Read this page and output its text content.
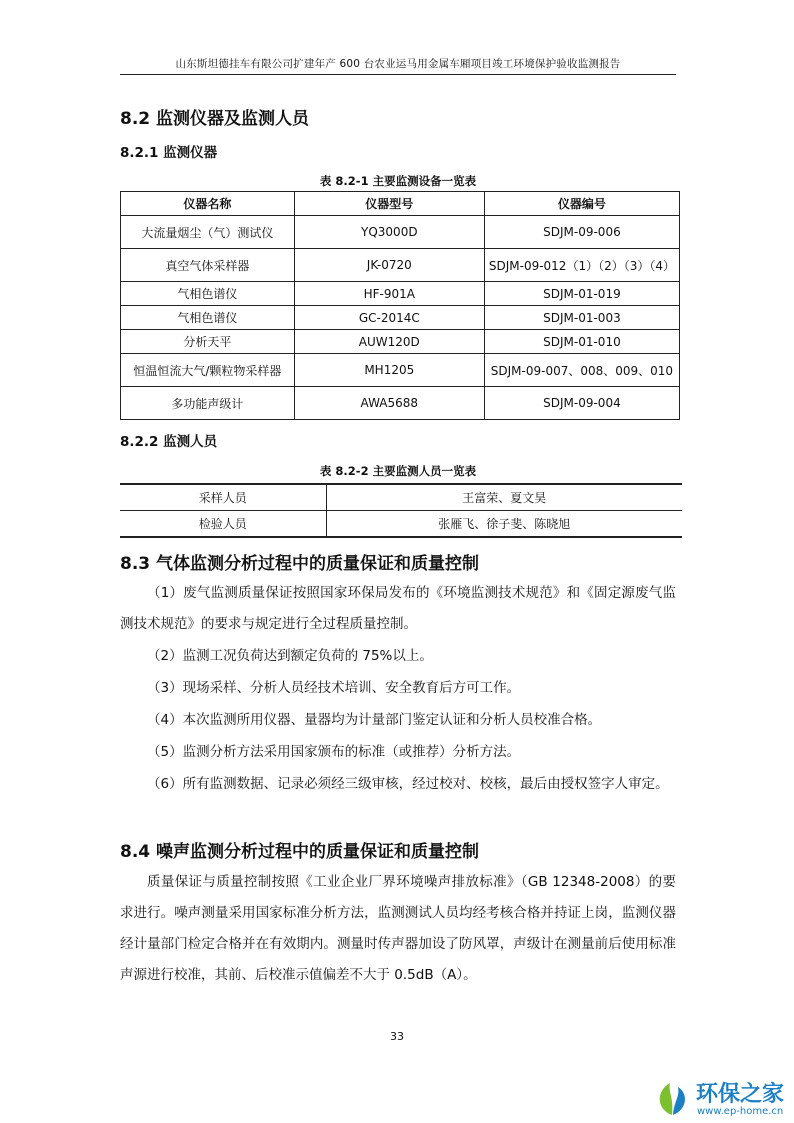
山东斯坦德挂车有限公司扩建年产 600 台农业运马用金属车厢项目竣工环境保护验收监测报告
8.2 监测仪器及监测人员
8.2.1 监测仪器
表 8.2-1 主要监测设备一览表
仪器名称	仪器型号	仪器编号
大流量烟尘（气）测试仪	YQ3000D	SDJM-09-006
真空气体采样器	JK-0720	SDJM-09-012（1）（2）（3）（4）
气相色谱仪	HF-901A	SDJM-01-019
气相色谱仪	GC-2014C	SDJM-01-003
分析天平	AUW120D	SDJM-01-010
恒温恒流大气/颗粒物采样器	MH1205	SDJM-09-007、008、009、010
多功能声级计	AWA5688	SDJM-09-004
8.2.2 监测人员
表 8.2-2 主要监测人员一览表
采样人员	王富荣、夏文昊
检验人员	张雁飞、徐子斐、陈晓旭
8.3 气体监测分析过程中的质量保证和质量控制
（1）废气监测质量保证按照国家环保局发布的《环境监测技术规范》和《固定源废气监测技术规范》的要求与规定进行全过程质量控制。
（2）监测工况负荷达到额定负荷的 75%以上。
（3）现场采样、分析人员经技术培训、安全教育后方可工作。
（4）本次监测所用仪器、量器均为计量部门鉴定认证和分析人员校准合格。
（5）监测分析方法采用国家颁布的标准（或推荐）分析方法。
（6）所有监测数据、记录必须经三级审核，经过校对、校核，最后由授权签字人审定。
8.4 噪声监测分析过程中的质量保证和质量控制
质量保证与质量控制按照《工业企业厂界环境噪声排放标准》（GB 12348-2008）的要求进行。噪声测量采用国家标准分析方法，监测测试人员均经考核合格并持证上岗，监测仪器经计量部门检定合格并在有效期内。测量时传声器加设了防风罩，声级计在测量前后使用标准声源进行校准，其前、后校准示值偏差不大于 0.5dB（A）。
33
环保之家
www.ep-home.cn
